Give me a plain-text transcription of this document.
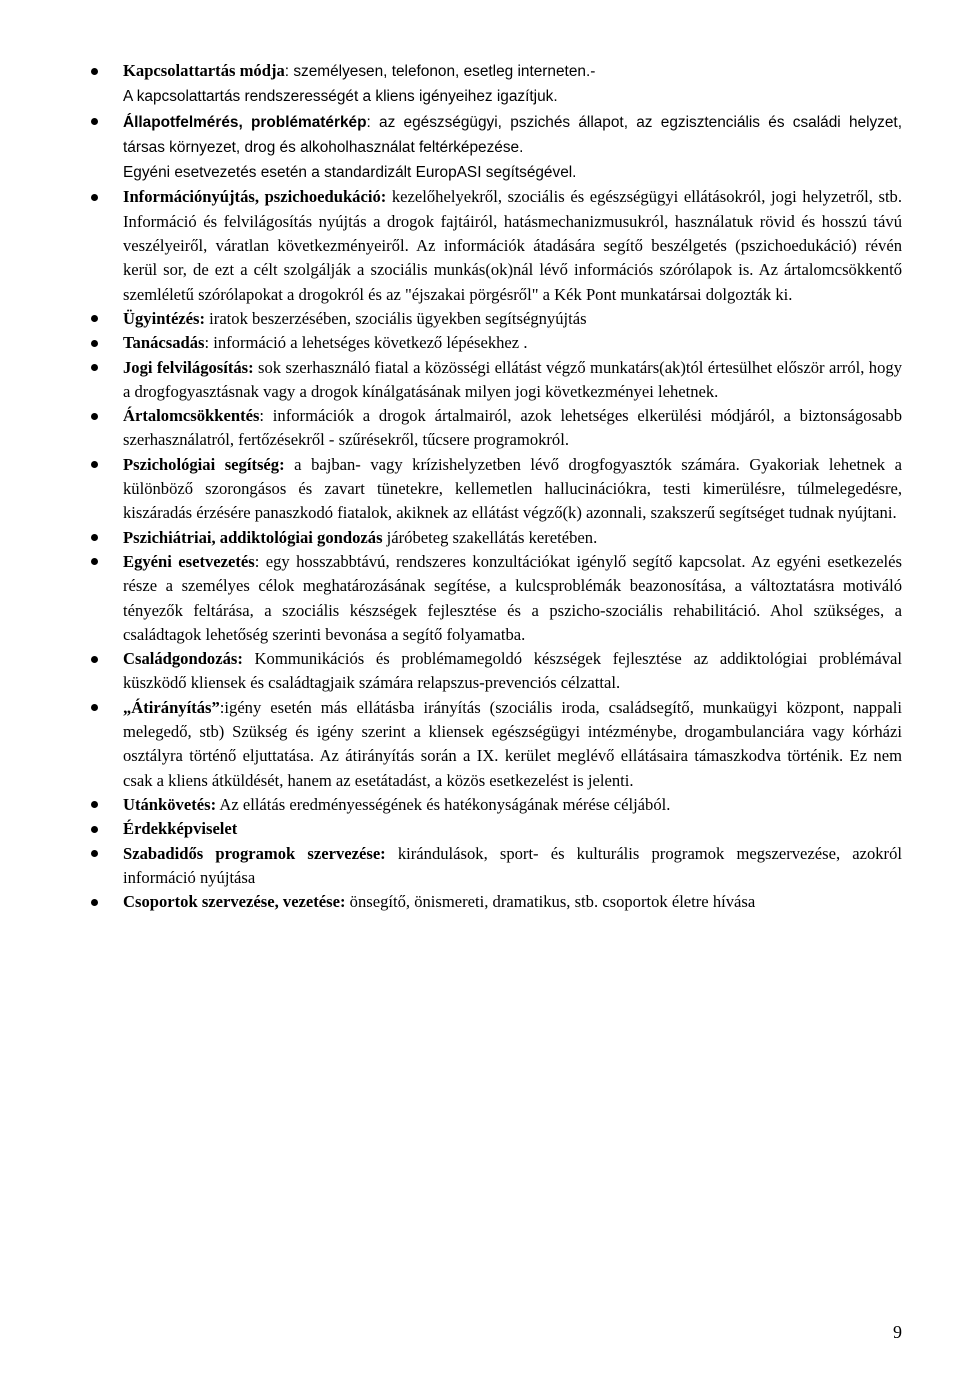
Kapcsolattartás módja: személyesen, telefonon, esetleg interneten.-
A kapcsolattartás rendszerességét a kliens igényeihez igazítjuk.
Állapotfelmérés, problématérkép: az egészségügyi, pszichés állapot, az egzisztenciális és családi helyzet, társas környezet, drog és alkoholhasználat feltérképezése.
Egyéni esetvezetés esetén a standardizált EuropASI segítségével.
Információnyújtás, pszichoedukáció: kezelőhelyekről, szociális és egészségügyi ellátásokról, jogi helyzetről, stb. Információ és felvilágosítás nyújtás a drogok fajtáiról, hatásmechanizmusukról, használatuk rövid és hosszú távú veszélyeiről, váratlan következményeiről. Az információk átadására segítő beszélgetés (pszichoedukáció) révén kerül sor, de ezt a célt szolgálják a szociális munkás(ok)nál lévő információs szórólapok is. Az ártalomcsökkentő szemléletű szórólapokat a drogokról és az "éjszakai pörgésről" a Kék Pont munkatársai dolgozták ki.
Ügyintézés: iratok beszerzésében, szociális ügyekben segítségnyújtás
Tanácsadás: információ a lehetséges következő lépésekhez .
Jogi felvilágosítás: sok szerhasználó fiatal a közösségi ellátást végző munkatárs(ak)tól értesülhet először arról, hogy a drogfogyasztásnak vagy a drogok kínálgatásának milyen jogi következményei lehetnek.
Ártalomcsökkentés: információk a drogok ártalmairól, azok lehetséges elkerülési módjáról, a biztonságosabb szerhasználatról, fertőzésekről - szűrésekről, tűcsere programokról.
Pszichológiai segítség: a bajban- vagy krízishelyzetben lévő drogfogyasztók számára. Gyakoriak lehetnek a különböző szorongásos és zavart tünetekre, kellemetlen hallucinációkra, testi kimerülésre, túlmelegedésre, kiszáradás érzésére panaszkodó fiatalok, akiknek az ellátást végző(k) azonnali, szakszerű segítséget tudnak nyújtani.
Pszichiátriai, addiktológiai gondozás járóbeteg szakellátás keretében.
Egyéni esetvezetés: egy hosszabbtávú, rendszeres konzultációkat igénylő segítő kapcsolat. Az egyéni esetkezelés része a személyes célok meghatározásának segítése, a kulcsproblémák beazonosítása, a változtatásra motiváló tényezők feltárása, a szociális készségek fejlesztése és a pszicho-szociális rehabilitáció. Ahol szükséges, a családtagok lehetőség szerinti bevonása a segítő folyamatba.
Családgondozás: Kommunikációs és problémamegoldó készségek fejlesztése az addiktológiai problémával küszködő kliensek és családtagjaik számára relapszus-prevenciós célzattal.
„Átirányítás”:igény esetén más ellátásba irányítás (szociális iroda, családsegítő, munkaügyi központ, nappali melegedő, stb) Szükség és igény szerint a kliensek egészségügyi intézménybe, drogambulanciára vagy kórházi osztályra történő eljuttatása. Az átirányítás során a IX. kerület meglévő ellátásaira támaszkodva történik. Ez nem csak a kliens átküldését, hanem az esetátadást, a közös esetkezelést is jelenti.
Utánkövetés: Az ellátás eredményességének és hatékonyságának mérése céljából.
Érdekképviselet
Szabadidős programok szervezése: kirándulások, sport- és kulturális programok megszervezése, azokról információ nyújtása
Csoportok szervezése, vezetése: önsegítő, önismereti, dramatikus, stb. csoportok életre hívása
9
